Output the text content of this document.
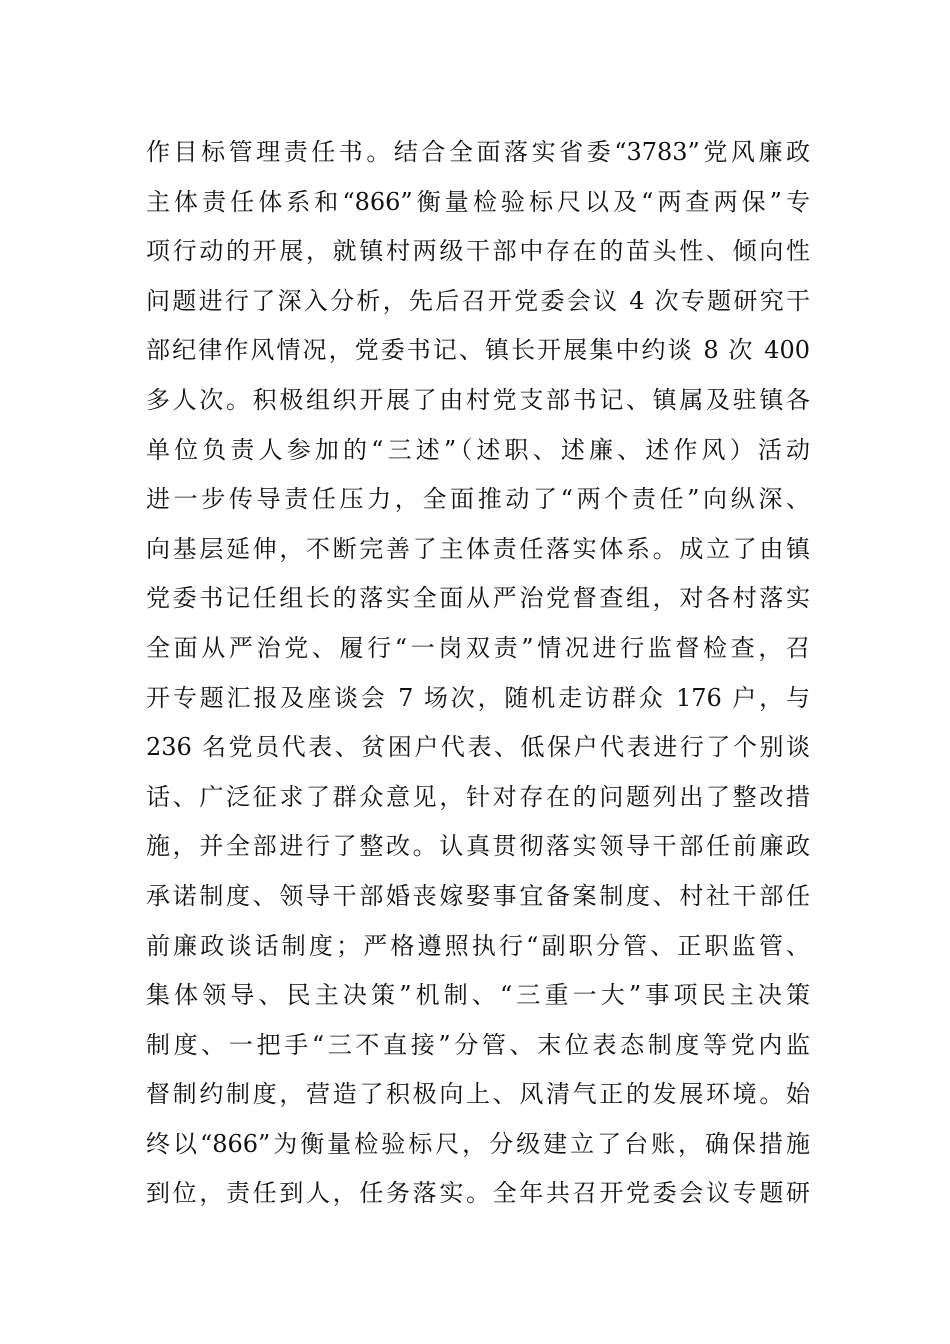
作目标管理责任书。结合全面落实省委“3783”党风廉政
主体责任体系和“866”衡量检验标尺以及“两查两保”专
项行动的开展，就镇村两级干部中存在的苗头性、倾向性
问题进行了深入分析，先后召开党委会议 4 次专题研究干
部纪律作风情况，党委书记、镇长开展集中约谈 8 次 400
多人次。积极组织开展了由村党支部书记、镇属及驻镇各
单位负责人参加的“三述”（述职、述廉、述作风）活动
进一步传导责任压力，全面推动了“两个责任”向纵深、
向基层延伸，不断完善了主体责任落实体系。成立了由镇
党委书记任组长的落实全面从严治党督查组，对各村落实
全面从严治党、履行“一岗双责”情况进行监督检查，召
开专题汇报及座谈会 7 场次，随机走访群众 176 户，与
236 名党员代表、贫困户代表、低保户代表进行了个别谈
话、广泛征求了群众意见，针对存在的问题列出了整改措
施，并全部进行了整改。认真贯彻落实领导干部任前廉政
承诺制度、领导干部婚丧嫁娶事宜备案制度、村社干部任
前廉政谈话制度；严格遵照执行“副职分管、正职监管、
集体领导、民主决策”机制、“三重一大”事项民主决策
制度、一把手“三不直接”分管、末位表态制度等党内监
督制约制度，营造了积极向上、风清气正的发展环境。始
终以“866”为衡量检验标尺，分级建立了台账，确保措施
到位，责任到人，任务落实。全年共召开党委会议专题研
